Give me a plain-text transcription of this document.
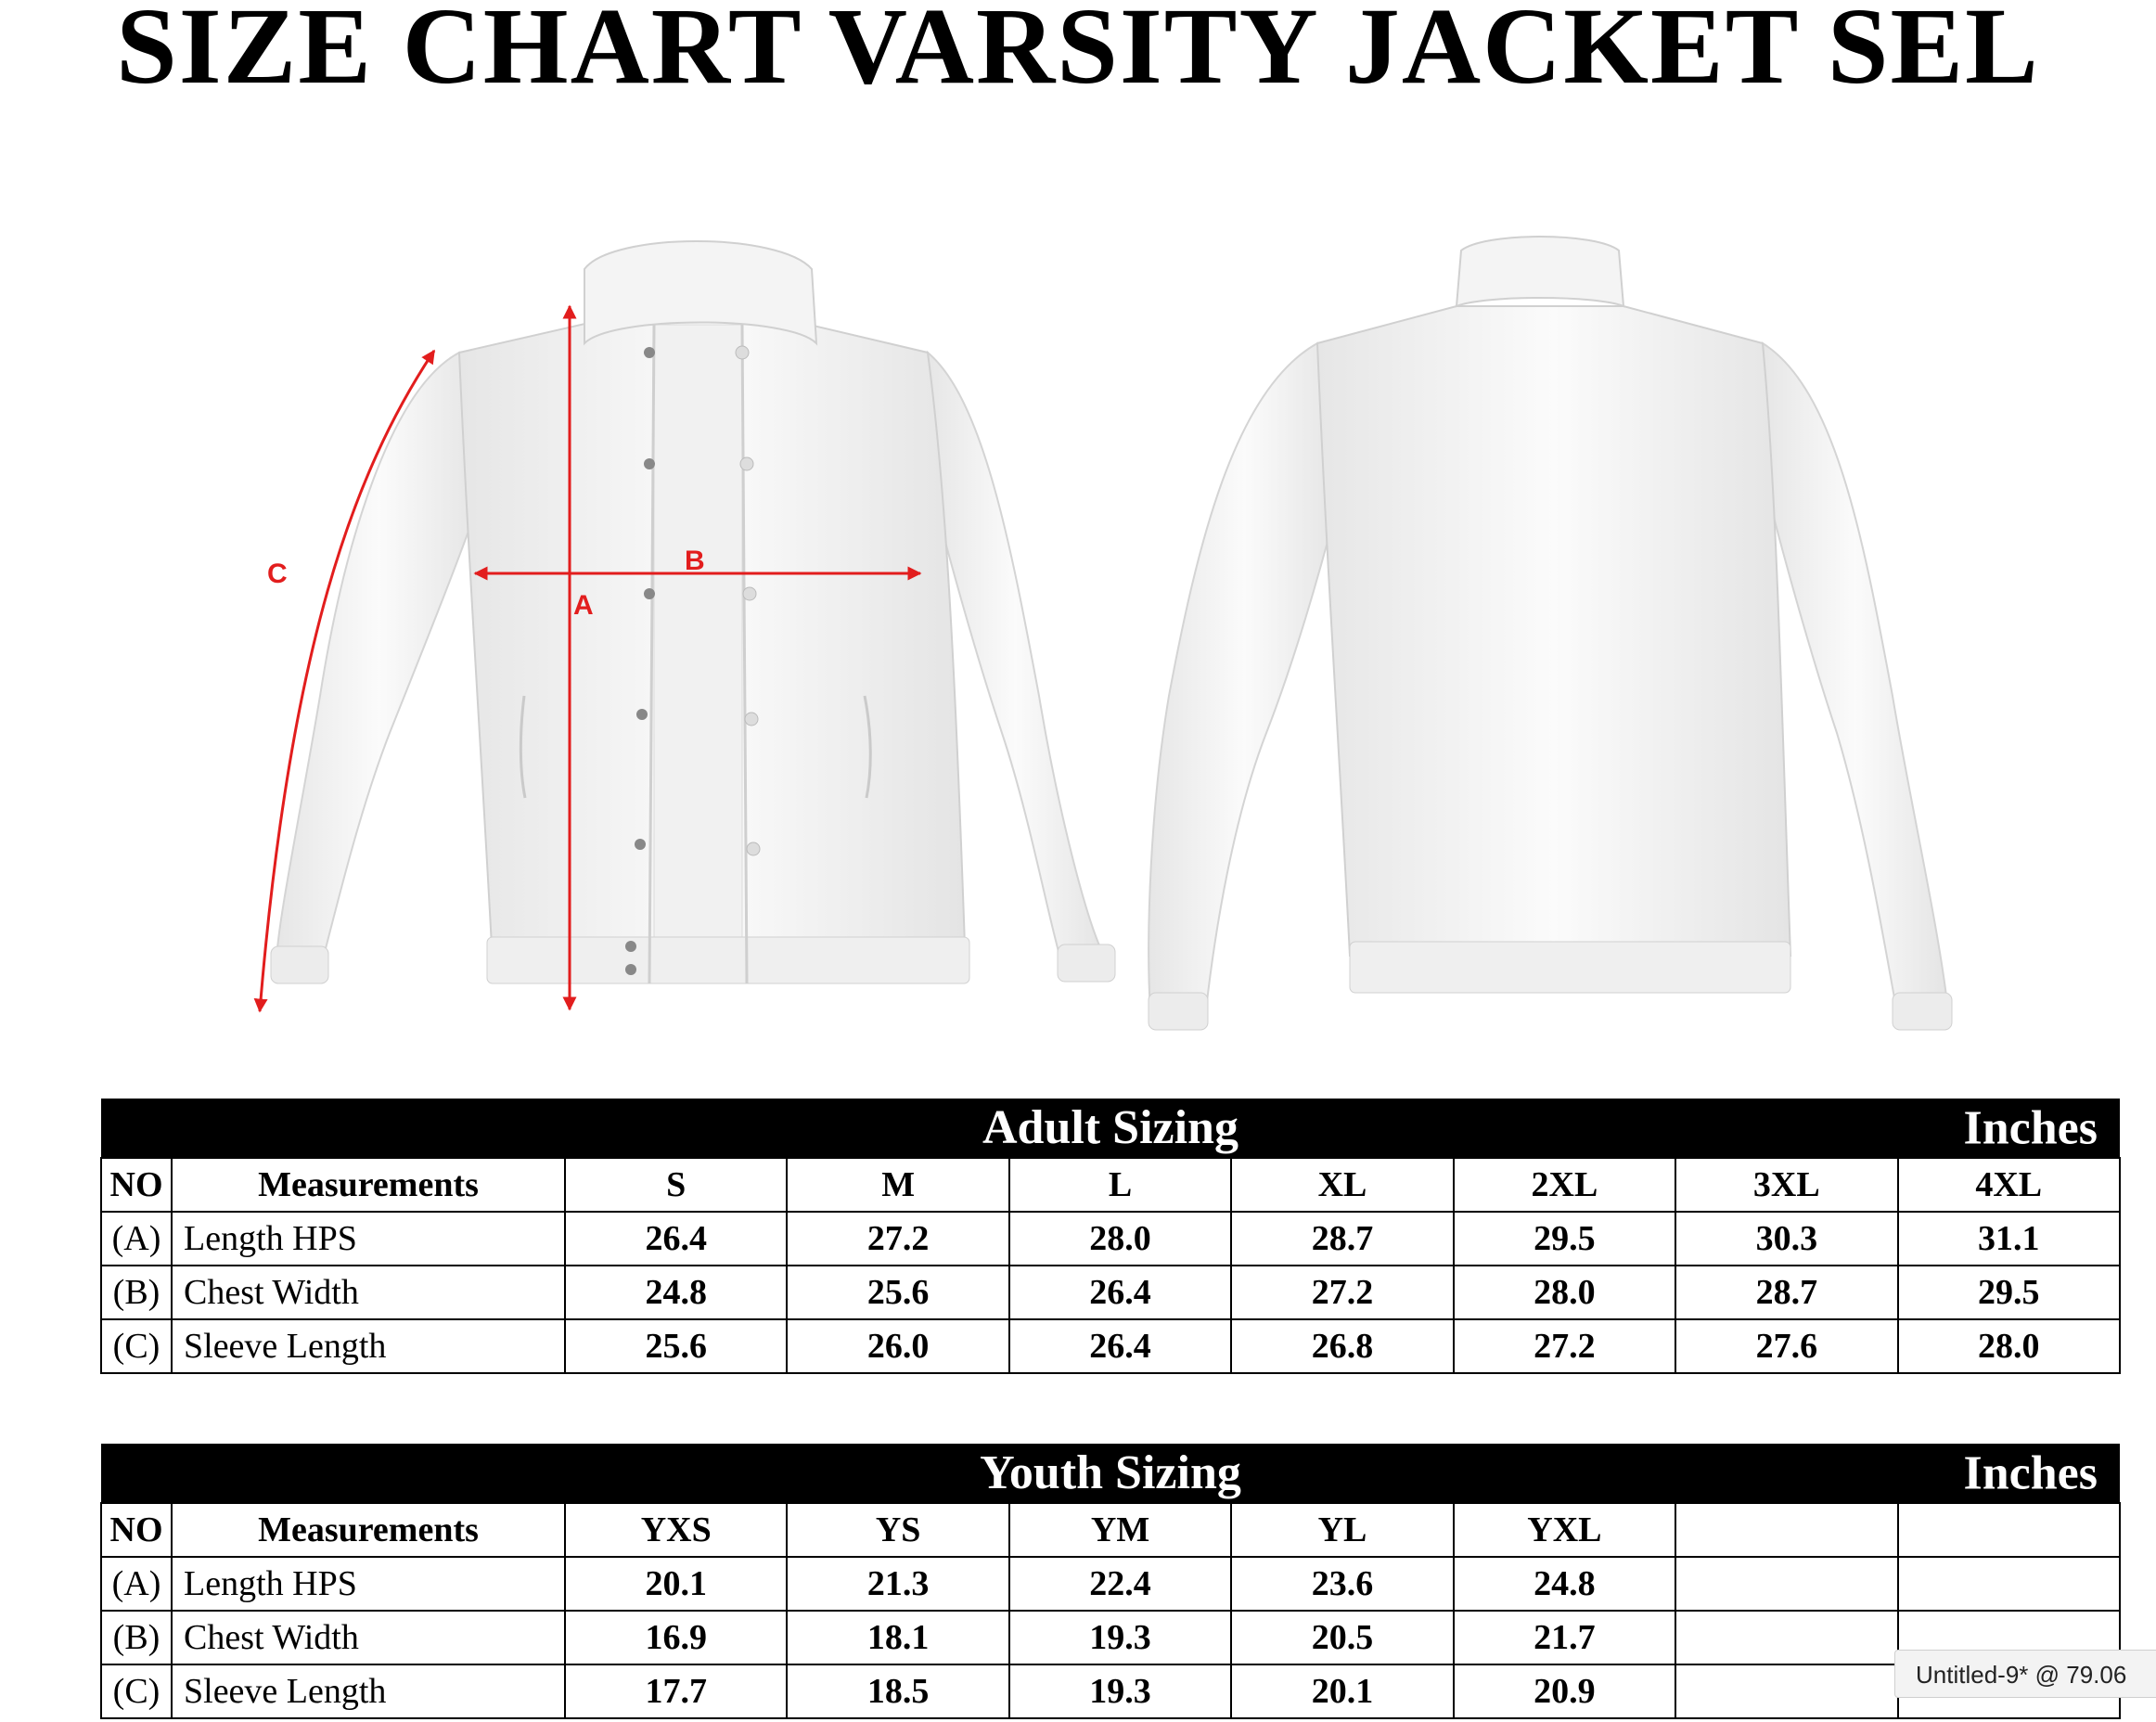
SIZE CHART VARSITY JACKET SEL
A
B
C
Adult Sizing Inches								

NO	Measurements	S	M	L	XL	2XL	3XL	4XL
(A)	Length HPS	26.4	27.2	28.0	28.7	29.5	30.3	31.1
(B)	Chest Width	24.8	25.6	26.4	27.2	28.0	28.7	29.5
(C)	Sleeve Length	25.6	26.0	26.4	26.8	27.2	27.6	28.0
Youth Sizing Inches								

NO	Measurements	YXS	YS	YM	YL	YXL		
(A)	Length HPS	20.1	21.3	22.4	23.6	24.8		
(B)	Chest Width	16.9	18.1	19.3	20.5	21.7		
(C)	Sleeve Length	17.7	18.5	19.3	20.1	20.9			Untitled-9* @ 79.06
